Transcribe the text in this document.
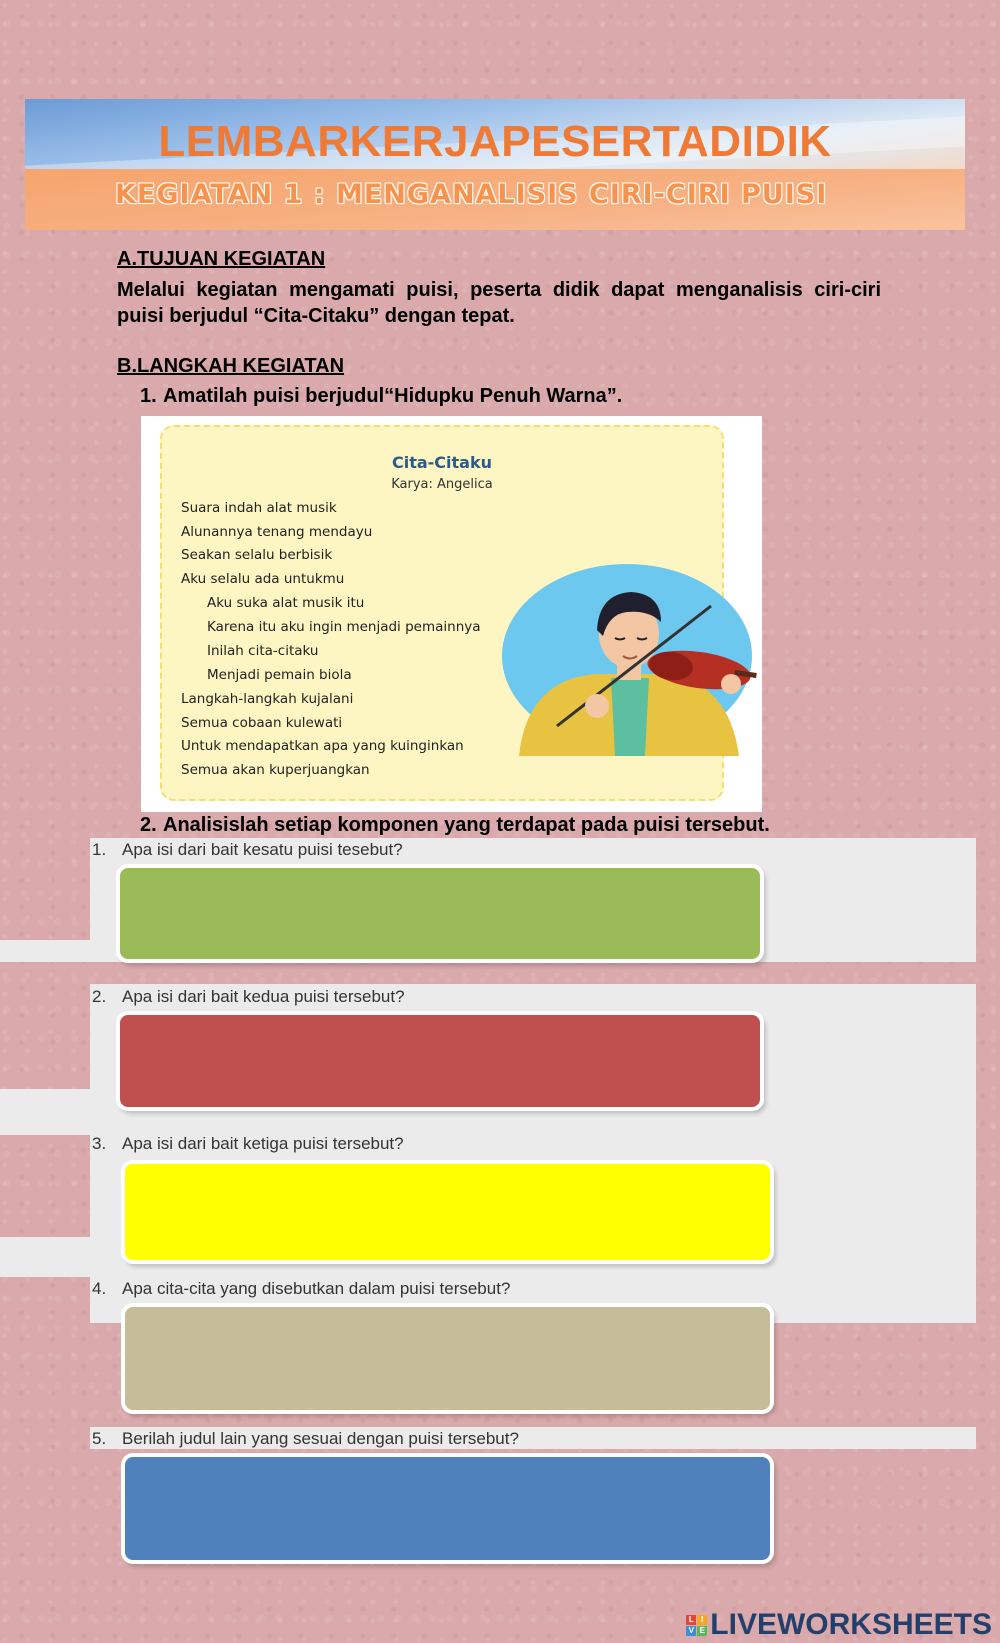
LEMBARKERJAPESERTADIDIK
KEGIATAN 1 : MENGANALISIS CIRI-CIRI PUISI
A.TUJUAN KEGIATAN
Melalui kegiatan mengamati puisi, peserta didik dapat menganalisis ciri-ciri puisi berjudul “Cita-Citaku” dengan tepat.
B.LANGKAH KEGIATAN
1. Amatilah puisi berjudul“Hidupku Penuh Warna”.
Cita-Citaku
Karya: Angelica
Suara indah alat musik
Alunannya tenang mendayu
Seakan selalu berbisik
Aku selalu ada untukmu
Aku suka alat musik itu
Karena itu aku ingin menjadi pemainnya
Inilah cita-citaku
Menjadi pemain biola
Langkah-langkah kujalani
Semua cobaan kulewati
Untuk mendapatkan apa yang kuinginkan
Semua akan kuperjuangkan
2. Analisislah setiap komponen yang terdapat pada puisi tersebut.
1. Apa isi dari bait kesatu puisi tesebut?
2. Apa isi dari bait kedua puisi tersebut?
3. Apa isi dari bait ketiga puisi tersebut?
4. Apa cita-cita yang disebutkan dalam puisi tersebut?
5. Berilah judul lain yang sesuai dengan puisi tersebut?
L I
V E LIVEWORKSHEETS
